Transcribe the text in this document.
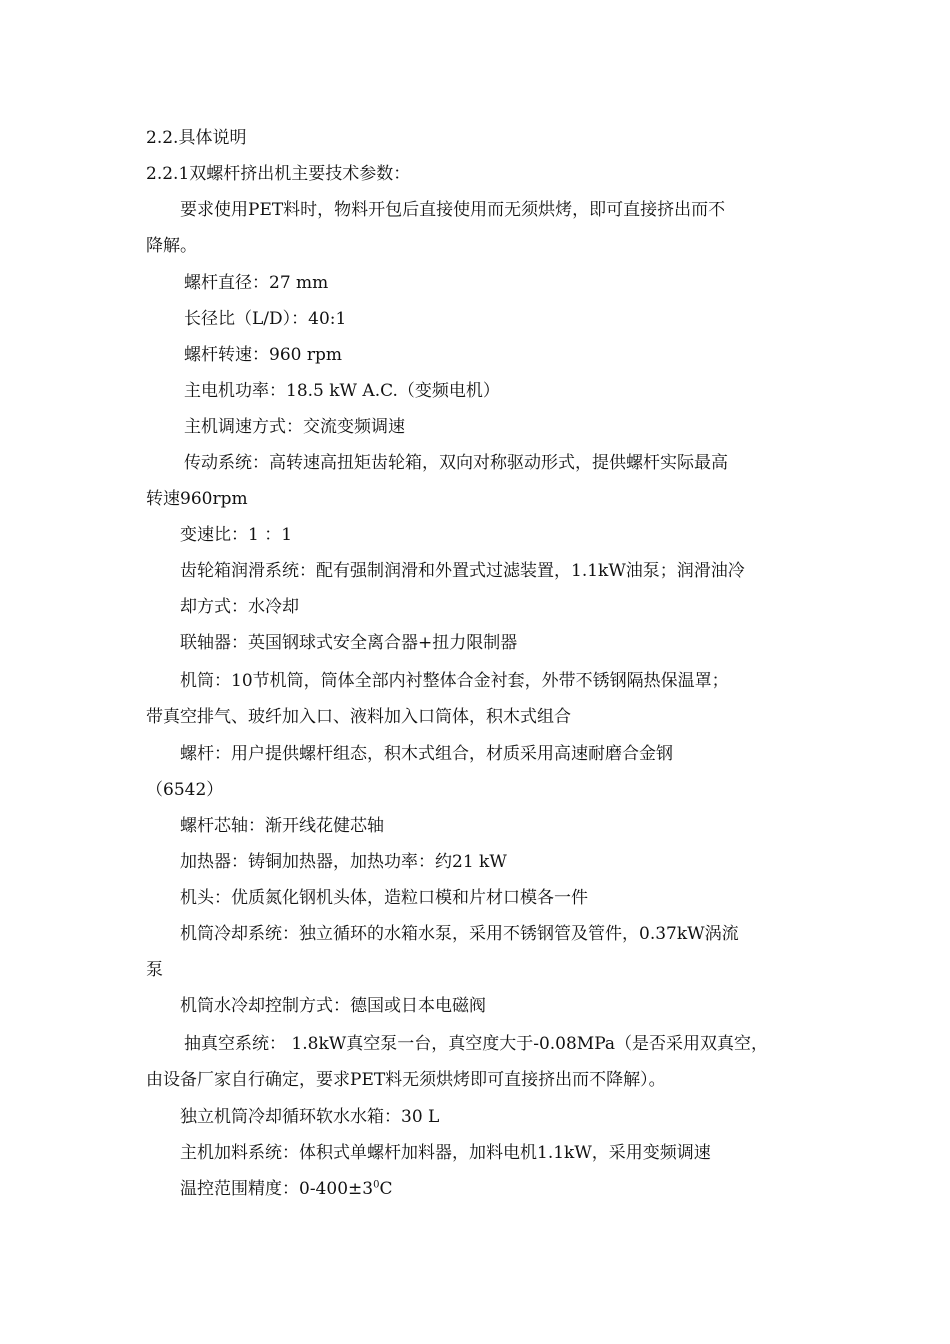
2.2.具体说明
2.2.1双螺杆挤出机主要技术参数：
要求使用PET料时，物料开包后直接使用而无须烘烤，即可直接挤出而不
降解。
螺杆直径：27 mm
长径比（L/D）：40:1
螺杆转速：960 rpm
主电机功率：18.5 kW A.C.（变频电机）
主机调速方式：交流变频调速
传动系统：高转速高扭矩齿轮箱，双向对称驱动形式，提供螺杆实际最高
转速960rpm
变速比：1 ：1
齿轮箱润滑系统：配有强制润滑和外置式过滤装置，1.1kW油泵；润滑油冷
却方式：水冷却
联轴器：英国钢球式安全离合器+扭力限制器
机筒：10节机筒，筒体全部内衬整体合金衬套，外带不锈钢隔热保温罩；
带真空排气、玻纤加入口、液料加入口筒体，积木式组合
螺杆：用户提供螺杆组态，积木式组合，材质采用高速耐磨合金钢
（6542）
螺杆芯轴：渐开线花健芯轴
加热器：铸铜加热器，加热功率：约21 kW
机头：优质氮化钢机头体，造粒口模和片材口模各一件
机筒冷却系统：独立循环的水箱水泵，采用不锈钢管及管件，0.37kW涡流
泵
机筒水冷却控制方式：德国或日本电磁阀
抽真空系统： 1.8kW真空泵一台，真空度大于-0.08MPa（是否采用双真空，
由设备厂家自行确定，要求PET料无须烘烤即可直接挤出而不降解）。
独立机筒冷却循环软水水箱：30 L
主机加料系统：体积式单螺杆加料器，加料电机1.1kW，采用变频调速
温控范围精度：$0-400\pm 3^0C$
